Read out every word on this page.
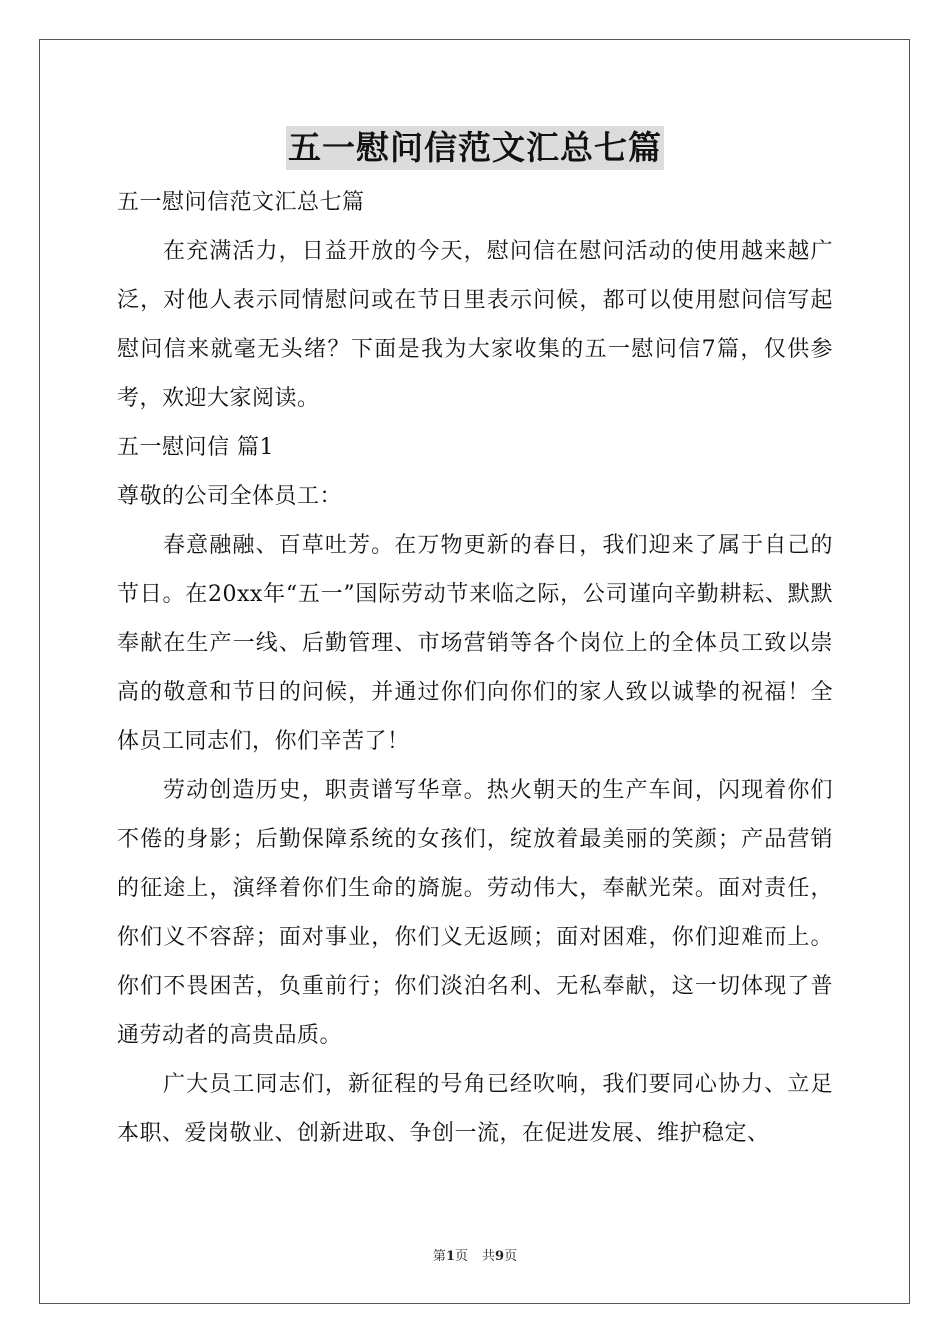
五一慰问信范文汇总七篇

五一慰问信范文汇总七篇

在充满活力，日益开放的今天，慰问信在慰问活动的使用越来越广泛，对他人表示同情慰问或在节日里表示问候，都可以使用慰问信写起慰问信来就毫无头绪？下面是我为大家收集的五一慰问信7篇，仅供参考，欢迎大家阅读。

五一慰问信 篇1

尊敬的公司全体员工：

春意融融、百草吐芳。在万物更新的春日，我们迎来了属于自己的节日。在20xx年“五一”国际劳动节来临之际，公司谨向辛勤耕耘、默默奉献在生产一线、后勤管理、市场营销等各个岗位上的全体员工致以崇高的敬意和节日的问候，并通过你们向你们的家人致以诚挚的祝福！全体员工同志们，你们辛苦了！

劳动创造历史，职责谱写华章。热火朝天的生产车间，闪现着你们不倦的身影；后勤保障系统的女孩们，绽放着最美丽的笑颜；产品营销的征途上，演绎着你们生命的旖旎。劳动伟大，奉献光荣。面对责任，你们义不容辞；面对事业，你们义无返顾；面对困难，你们迎难而上。你们不畏困苦，负重前行；你们淡泊名利、无私奉献，这一切体现了普通劳动者的高贵品质。

广大员工同志们，新征程的号角已经吹响，我们要同心协力、立足本职、爱岗敬业、创新进取、争创一流，在促进发展、维护稳定、

第1页 共9页
